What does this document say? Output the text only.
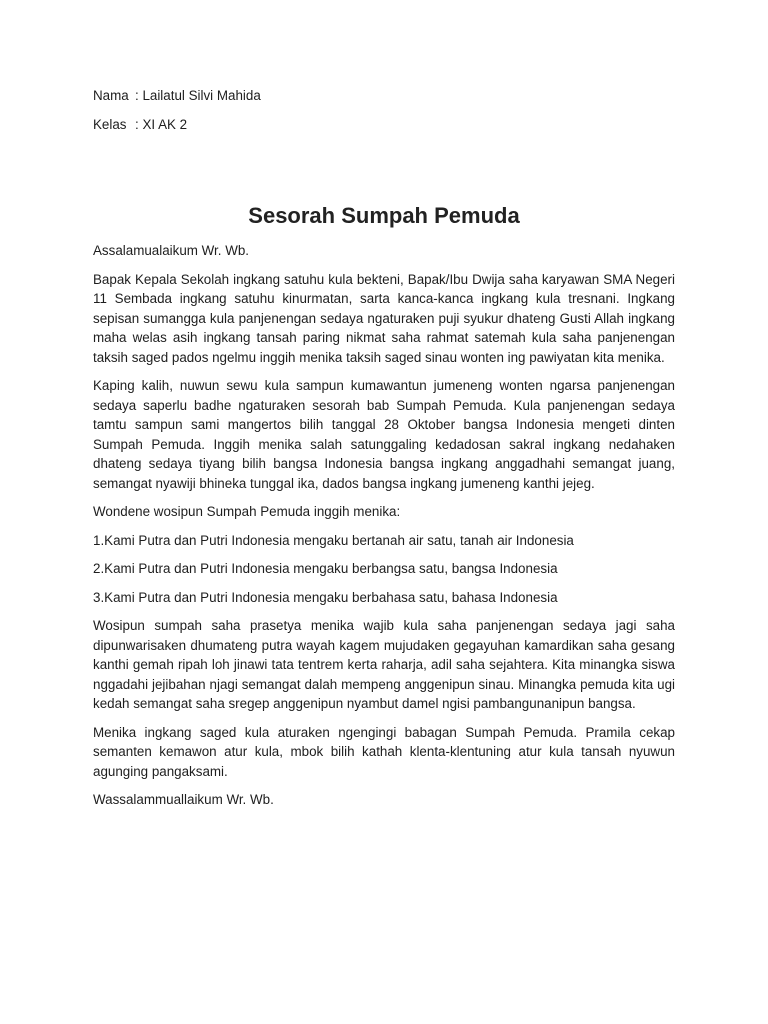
Nama : Lailatul Silvi Mahida
Kelas : XI AK 2
Sesorah Sumpah Pemuda
Assalamualaikum Wr. Wb.

Bapak Kepala Sekolah ingkang satuhu kula bekteni, Bapak/Ibu Dwija saha karyawan SMA Negeri 11 Sembada ingkang satuhu kinurmatan, sarta kanca-kanca ingkang kula tresnani. Ingkang sepisan sumangga kula panjenengan sedaya ngaturaken puji syukur dhateng Gusti Allah ingkang maha welas asih ingkang tansah paring nikmat saha rahmat satemah kula saha panjenengan taksih saged pados ngelmu inggih menika taksih saged sinau wonten ing pawiyatan kita menika.

Kaping kalih, nuwun sewu kula sampun kumawantun jumeneng wonten ngarsa panjenengan sedaya saperlu badhe ngaturaken sesorah bab Sumpah Pemuda. Kula panjenengan sedaya tamtu sampun sami mangertos bilih tanggal 28 Oktober bangsa Indonesia mengeti dinten Sumpah Pemuda. Inggih menika salah satunggaling kedadosan sakral ingkang nedahaken dhateng sedaya tiyang bilih bangsa Indonesia bangsa ingkang anggadhahi semangat juang, semangat nyawiji bhineka tunggal ika, dados bangsa ingkang jumeneng kanthi jejeg.

Wondene wosipun Sumpah Pemuda inggih menika:
1.Kami Putra dan Putri Indonesia mengaku bertanah air satu, tanah air Indonesia
2.Kami Putra dan Putri Indonesia mengaku berbangsa satu, bangsa Indonesia
3.Kami Putra dan Putri Indonesia mengaku berbahasa satu, bahasa Indonesia

Wosipun sumpah saha prasetya menika wajib kula saha panjenengan sedaya jagi saha dipunwarisaken dhumateng putra wayah kagem mujudaken gegayuhan kamardikan saha gesang kanthi gemah ripah loh jinawi tata tentrem kerta raharja, adil saha sejahtera. Kita minangka siswa nggadahi jejibahan njagi semangat dalah mempeng anggenipun sinau. Minangka pemuda kita ugi kedah semangat saha sregep anggenipun nyambut damel ngisi pambangunanipun bangsa.

Menika ingkang saged kula aturaken ngengingi babagan Sumpah Pemuda. Pramila cekap semanten kemawon atur kula, mbok bilih kathah klenta-klentuning atur kula tansah nyuwun agunging pangaksami.

Wassalammuallaikum Wr. Wb.
